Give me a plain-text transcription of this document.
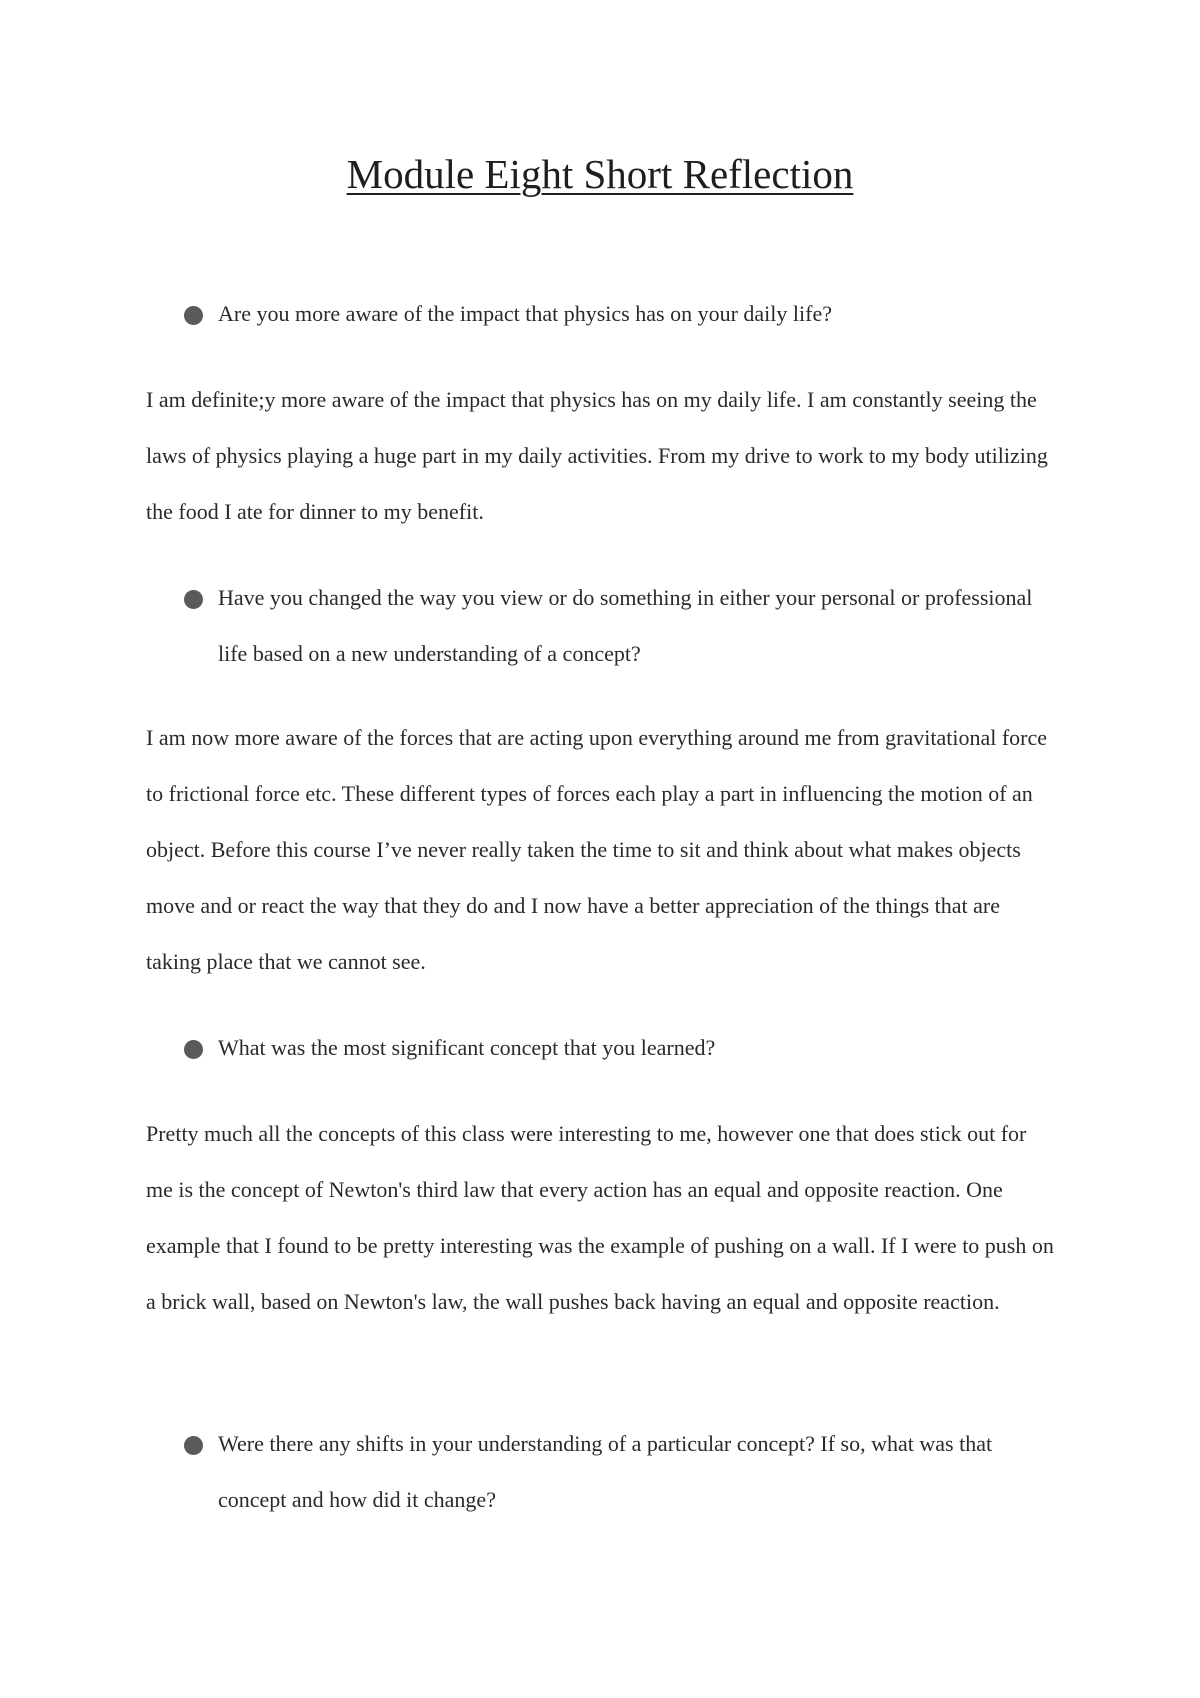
Module Eight Short Reflection
Are you more aware of the impact that physics has on your daily life?

I am definite;y more aware of the impact that physics has on my daily life. I am constantly seeing the laws of physics playing a huge part in my daily activities. From my drive to work to my body utilizing the food I ate for dinner to my benefit.

Have you changed the way you view or do something in either your personal or professional life based on a new understanding of a concept?

I am now more aware of the forces that are acting upon everything around me from gravitational force to frictional force etc. These different types of forces each play a part in influencing the motion of an object. Before this course I’ve never really taken the time to sit and think about what makes objects move and or react the way that they do and I now have a better appreciation of the things that are taking place that we cannot see.

What was the most significant concept that you learned?

Pretty much all the concepts of this class were interesting to me, however one that does stick out for me is the concept of Newton's third law that every action has an equal and opposite reaction. One example that I found to be pretty interesting was the example of pushing on a wall. If I were to push on a brick wall, based on Newton's law, the wall pushes back having an equal and opposite reaction.

Were there any shifts in your understanding of a particular concept? If so, what was that concept and how did it change?
